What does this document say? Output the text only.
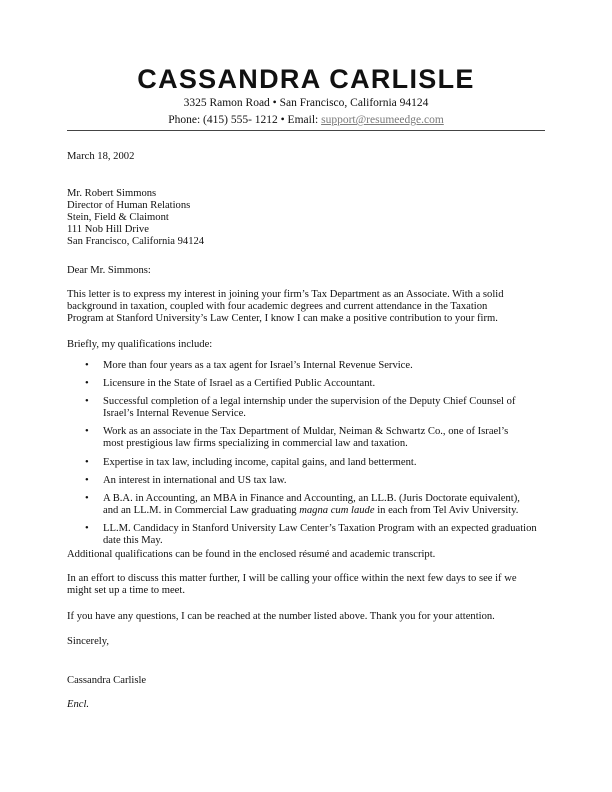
CASSANDRA CARLISLE
3325 Ramon Road • San Francisco, California 94124
Phone: (415) 555- 1212 • Email: support@resumeedge.com
March 18, 2002
Mr. Robert Simmons
Director of Human Relations
Stein, Field & Claimont
111 Nob Hill Drive
San Francisco, California 94124
Dear Mr. Simmons:
This letter is to express my interest in joining your firm’s Tax Department as an Associate. With a solid
background in taxation, coupled with four academic degrees and current attendance in the Taxation
Program at Stanford University’s Law Center, I know I can make a positive contribution to your firm.
Briefly, my qualifications include:
• More than four years as a tax agent for Israel’s Internal Revenue Service.
• Licensure in the State of Israel as a Certified Public Accountant.
• Successful completion of a legal internship under the supervision of the Deputy Chief Counsel of
Israel’s Internal Revenue Service.
• Work as an associate in the Tax Department of Muldar, Neiman & Schwartz Co., one of Israel’s
most prestigious law firms specializing in commercial law and taxation.
• Expertise in tax law, including income, capital gains, and land betterment.
• An interest in international and US tax law.
• A B.A. in Accounting, an MBA in Finance and Accounting, an LL.B. (Juris Doctorate equivalent),
and an LL.M. in Commercial Law graduating magna cum laude in each from Tel Aviv University.
• LL.M. Candidacy in Stanford University Law Center’s Taxation Program with an expected graduation
date this May.
Additional qualifications can be found in the enclosed résumé and academic transcript.
In an effort to discuss this matter further, I will be calling your office within the next few days to see if we
might set up a time to meet.
If you have any questions, I can be reached at the number listed above. Thank you for your attention.
Sincerely,
Cassandra Carlisle
Encl.
